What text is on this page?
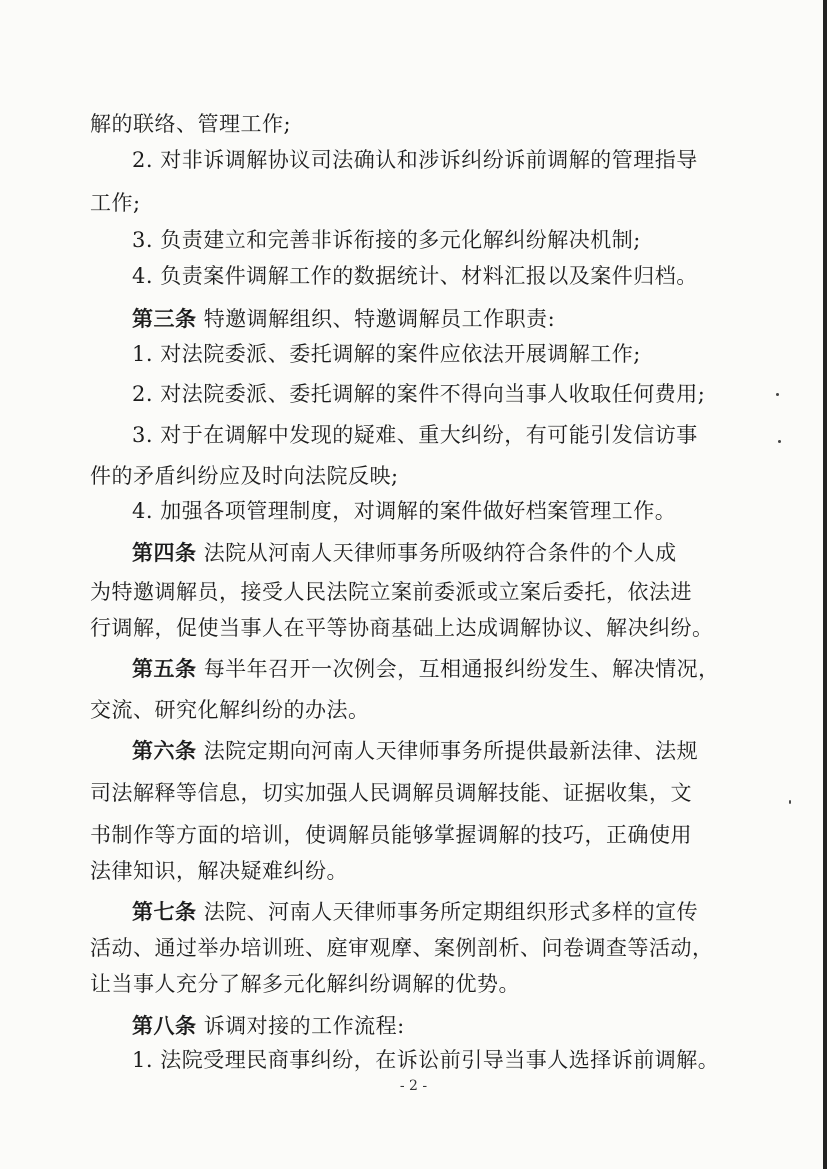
解的联络、管理工作;
2. 对非诉调解协议司法确认和涉诉纠纷诉前调解的管理指导
工作;
3. 负责建立和完善非诉衔接的多元化解纠纷解决机制;
4. 负责案件调解工作的数据统计、材料汇报以及案件归档。
第三条 特邀调解组织、特邀调解员工作职责:
1. 对法院委派、委托调解的案件应依法开展调解工作;
2. 对法院委派、委托调解的案件不得向当事人收取任何费用;
3. 对于在调解中发现的疑难、重大纠纷，有可能引发信访事
件的矛盾纠纷应及时向法院反映;
4. 加强各项管理制度，对调解的案件做好档案管理工作。
第四条 法院从河南人天律师事务所吸纳符合条件的个人成
为特邀调解员，接受人民法院立案前委派或立案后委托，依法进
行调解，促使当事人在平等协商基础上达成调解协议、解决纠纷。
第五条 每半年召开一次例会，互相通报纠纷发生、解决情况，
交流、研究化解纠纷的办法。
第六条 法院定期向河南人天律师事务所提供最新法律、法规
司法解释等信息，切实加强人民调解员调解技能、证据收集，文
书制作等方面的培训，使调解员能够掌握调解的技巧，正确使用
法律知识，解决疑难纠纷。
第七条 法院、河南人天律师事务所定期组织形式多样的宣传
活动、通过举办培训班、庭审观摩、案例剖析、问卷调查等活动，
让当事人充分了解多元化解纠纷调解的优势。
第八条 诉调对接的工作流程:
1. 法院受理民商事纠纷，在诉讼前引导当事人选择诉前调解。
- 2 -
